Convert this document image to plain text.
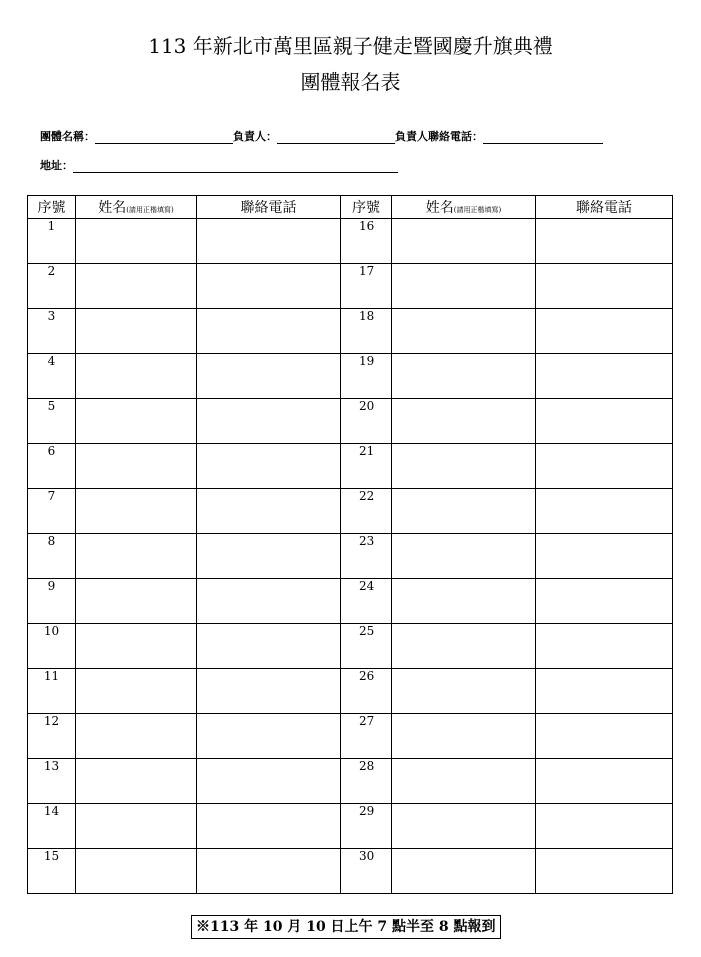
113 年新北市萬里區親子健走暨國慶升旗典禮
團體報名表
團體名稱：	負責人：	負責人聯絡電話：
地址：
序號	姓名(請用正楷填寫)	聯絡電話	序號	姓名(請用正楷填寫)	聯絡電話
1			16		
2			17		
3			18		
4			19		
5			20		
6			21		
7			22		
8			23		
9			24		
10			25		
11			26		
12			27		
13			28		
14			29		
15			30		
※113 年 10 月 10 日上午 7 點半至 8 點報到
